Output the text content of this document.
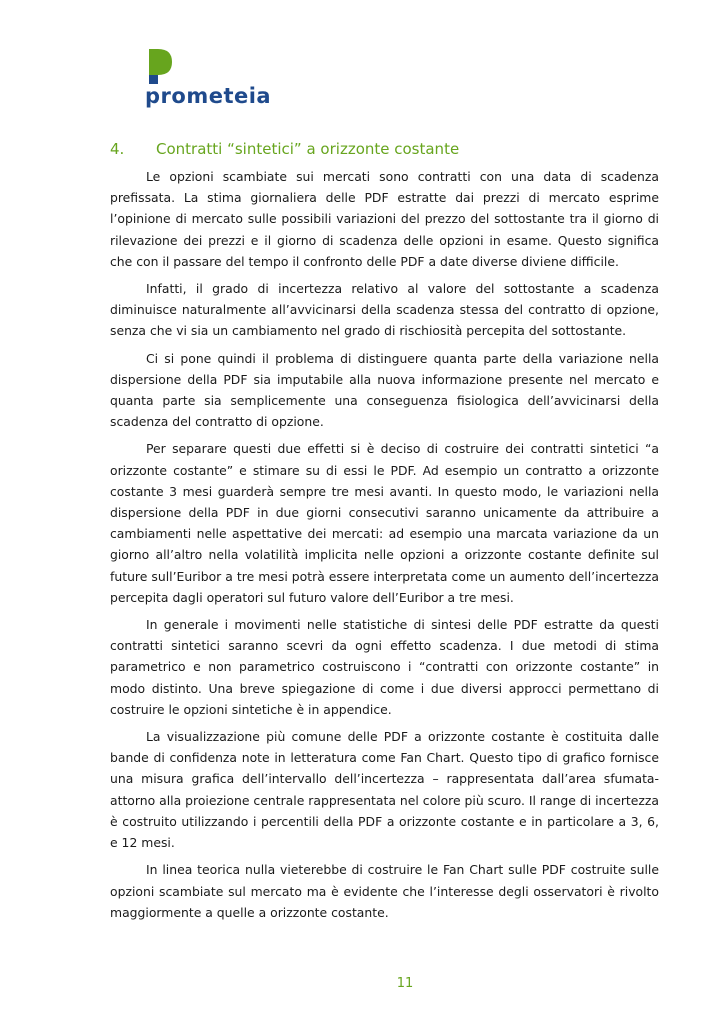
prometeia
4. Contratti “sintetici” a orizzonte costante

Le opzioni scambiate sui mercati sono contratti con una data di scadenza prefissata. La stima giornaliera delle PDF estratte dai prezzi di mercato esprime l’opinione di mercato sulle possibili variazioni del prezzo del sottostante tra il giorno di rilevazione dei prezzi e il giorno di scadenza delle opzioni in esame. Questo significa che con il passare del tempo il confronto delle PDF a date diverse diviene difficile.

Infatti, il grado di incertezza relativo al valore del sottostante a scadenza diminuisce naturalmente all’avvicinarsi della scadenza stessa del contratto di opzione, senza che vi sia un cambiamento nel grado di rischiosità percepita del sottostante.

Ci si pone quindi il problema di distinguere quanta parte della variazione nella dispersione della PDF sia imputabile alla nuova informazione presente nel mercato e quanta parte sia semplicemente una conseguenza fisiologica dell’avvicinarsi della scadenza del contratto di opzione.

Per separare questi due effetti si è deciso di costruire dei contratti sintetici “a orizzonte costante” e stimare su di essi le PDF. Ad esempio un contratto a orizzonte costante 3 mesi guarderà sempre tre mesi avanti. In questo modo, le variazioni nella dispersione della PDF in due giorni consecutivi saranno unicamente da attribuire a cambiamenti nelle aspettative dei mercati: ad esempio una marcata variazione da un giorno all’altro nella volatilità implicita nelle opzioni a orizzonte costante definite sul future sull’Euribor a tre mesi potrà essere interpretata come un aumento dell’incertezza percepita dagli operatori sul futuro valore dell’Euribor a tre mesi.

In generale i movimenti nelle statistiche di sintesi delle PDF estratte da questi contratti sintetici saranno scevri da ogni effetto scadenza. I due metodi di stima parametrico e non parametrico costruiscono i “contratti con orizzonte costante” in modo distinto. Una breve spiegazione di come i due diversi approcci permettano di costruire le opzioni sintetiche è in appendice.

La visualizzazione più comune delle PDF a orizzonte costante è costituita dalle bande di confidenza note in letteratura come Fan Chart. Questo tipo di grafico fornisce una misura grafica dell’intervallo dell’incertezza – rappresentata dall’area sfumata- attorno alla proiezione centrale rappresentata nel colore più scuro. Il range di incertezza è costruito utilizzando i percentili della PDF a orizzonte costante e in particolare a 3, 6, e 12 mesi.

In linea teorica nulla vieterebbe di costruire le Fan Chart sulle PDF costruite sulle opzioni scambiate sul mercato ma è evidente che l’interesse degli osservatori è rivolto maggiormente a quelle a orizzonte costante.

11
